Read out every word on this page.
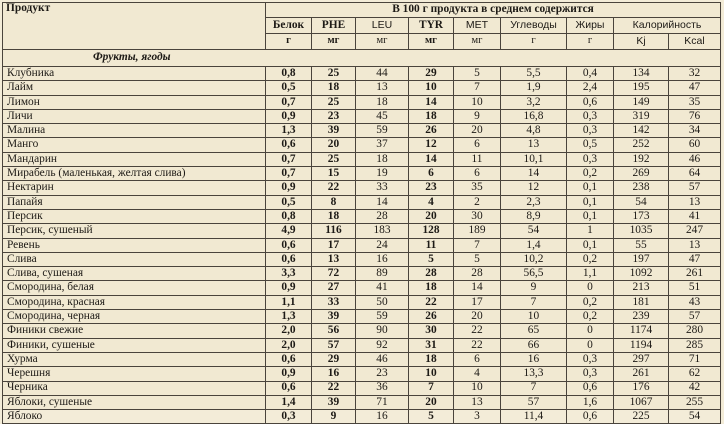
Продукт	В 100 г продукта в среднем содержится								
	Белок	PHE	LEU	TYR	MET	Углеводы	Жиры	Калорийность	
	г	мг	мг	мг	мг	г	г	Kj	Kcal
Фрукты, ягоды									
Клубника	0,8	25	44	29	5	5,5	0,4	134	32
Лайм	0,5	18	13	10	7	1,9	2,4	195	47
Лимон	0,7	25	18	14	10	3,2	0,6	149	35
Личи	0,9	23	45	18	9	16,8	0,3	319	76
Малина	1,3	39	59	26	20	4,8	0,3	142	34
Манго	0,6	20	37	12	6	13	0,5	252	60
Мандарин	0,7	25	18	14	11	10,1	0,3	192	46
Мирабель (маленькая, желтая слива)	0,7	15	19	6	6	14	0,2	269	64
Нектарин	0,9	22	33	23	35	12	0,1	238	57
Папайя	0,5	8	14	4	2	2,3	0,1	54	13
Персик	0,8	18	28	20	30	8,9	0,1	173	41
Персик, сушеный	4,9	116	183	128	189	54	1	1035	247
Ревень	0,6	17	24	11	7	1,4	0,1	55	13
Слива	0,6	13	16	5	5	10,2	0,2	197	47
Слива, сушеная	3,3	72	89	28	28	56,5	1,1	1092	261
Смородина, белая	0,9	27	41	18	14	9	0	213	51
Смородина, красная	1,1	33	50	22	17	7	0,2	181	43
Смородина, черная	1,3	39	59	26	20	10	0,2	239	57
Финики свежие	2,0	56	90	30	22	65	0	1174	280
Финики, сушеные	2,0	57	92	31	22	66	0	1194	285
Хурма	0,6	29	46	18	6	16	0,3	297	71
Черешня	0,9	16	23	10	4	13,3	0,3	261	62
Черника	0,6	22	36	7	10	7	0,6	176	42
Яблоки, сушеные	1,4	39	71	20	13	57	1,6	1067	255
Яблоко	0,3	9	16	5	3	11,4	0,6	225	54
